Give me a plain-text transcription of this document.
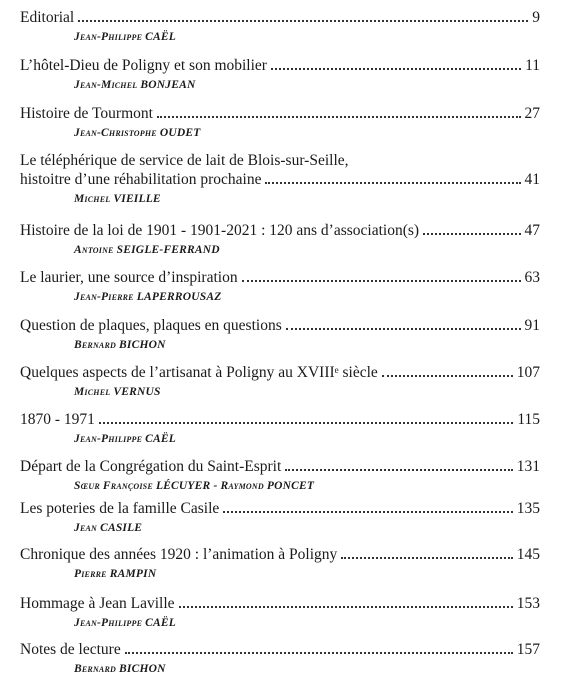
Editorial	9
Jean-Philippe CAËL
L’hôtel-Dieu de Poligny et son mobilier	11
Jean-Michel BONJEAN
Histoire de Tourmont	27
Jean-Christophe OUDET
Le téléphérique de service de lait de Blois-sur-Seille,
histoitre d’une réhabilitation prochaine	41
Michel VIEILLE
Histoire de la loi de 1901 - 1901-2021 : 120 ans d’association(s)	47
Antoine SEIGLE-FERRAND
Le laurier, une source d’inspiration	63
Jean-Pierre LAPERROUSAZ
Question de plaques, plaques en questions	91
Bernard BICHON
Quelques aspects de l’artisanat à Poligny au XVIIIᵉ siècle	107
Michel VERNUS
1870 - 1971	115
Jean-Philippe CAËL
Départ de la Congrégation du Saint-Esprit	131
Sœur Françoise LÉCUYER - Raymond PONCET
Les poteries de la famille Casile	135
Jean CASILE
Chronique des années 1920 : l’animation à Poligny	145
Pierre RAMPIN
Hommage à Jean Laville	153
Jean-Philippe CAËL
Notes de lecture	157
Bernard BICHON
